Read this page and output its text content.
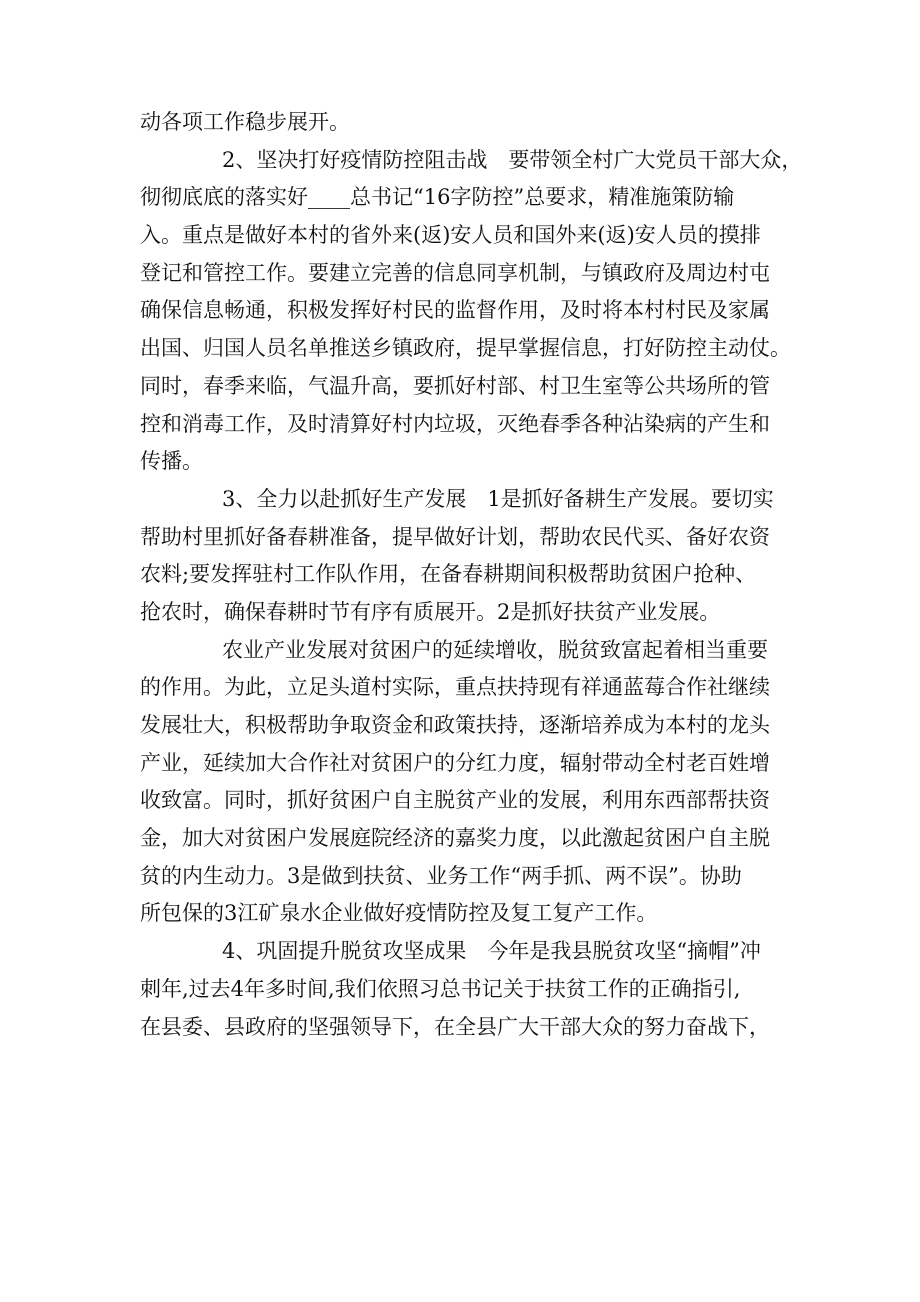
动各项工作稳步展开。
2、坚决打好疫情防控阻击战　要带领全村广大党员干部大众，
彻彻底底的落实好____总书记“16字防控”总要求，精准施策防输
入。重点是做好本村的省外来(返)安人员和国外来(返)安人员的摸排
登记和管控工作。要建立完善的信息同享机制，与镇政府及周边村屯
确保信息畅通，积极发挥好村民的监督作用，及时将本村村民及家属
出国、归国人员名单推送乡镇政府，提早掌握信息，打好防控主动仗。
同时，春季来临，气温升高，要抓好村部、村卫生室等公共场所的管
控和消毒工作，及时清算好村内垃圾，灭绝春季各种沾染病的产生和
传播。
3、全力以赴抓好生产发展　1是抓好备耕生产发展。要切实
帮助村里抓好备春耕准备，提早做好计划，帮助农民代买、备好农资
农料;要发挥驻村工作队作用，在备春耕期间积极帮助贫困户抢种、
抢农时，确保春耕时节有序有质展开。2是抓好扶贫产业发展。
农业产业发展对贫困户的延续增收，脱贫致富起着相当重要
的作用。为此，立足头道村实际，重点扶持现有祥通蓝莓合作社继续
发展壮大，积极帮助争取资金和政策扶持，逐渐培养成为本村的龙头
产业，延续加大合作社对贫困户的分红力度，辐射带动全村老百姓增
收致富。同时，抓好贫困户自主脱贫产业的发展，利用东西部帮扶资
金，加大对贫困户发展庭院经济的嘉奖力度，以此激起贫困户自主脱
贫的内生动力。3是做到扶贫、业务工作“两手抓、两不误”。协助
所包保的3江矿泉水企业做好疫情防控及复工复产工作。
4、巩固提升脱贫攻坚成果　今年是我县脱贫攻坚“摘帽”冲
刺年,过去4年多时间,我们依照习总书记关于扶贫工作的正确指引,
在县委、县政府的坚强领导下，在全县广大干部大众的努力奋战下，
